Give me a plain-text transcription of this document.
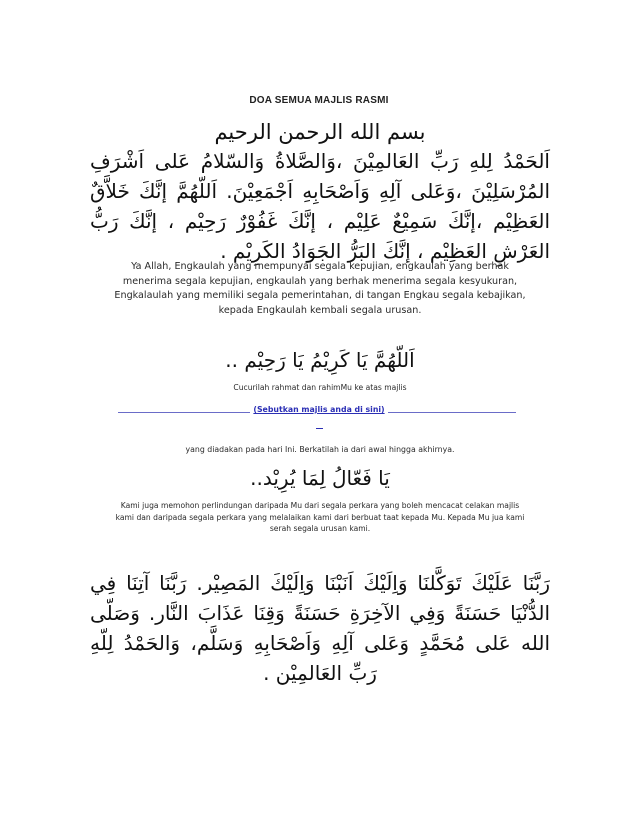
DOA SEMUA MAJLIS RASMI
بسم الله الرحمن الرحيم
اَلحَمْدُ لِلهِ رَبِّ العَالمِيْنَ ،وَالصَّلاةُ وَالسّلامُ عَلى اَشْرَفِ المُرْسَلِيْنَ ،وَعَلى آلِهِ وَاَصْحَابِهِ اَجْمَعِيْنَ. اَللّهُمَّ إنَّكَ خَلاَّقٌ العَظِيْم ،إنَّكَ سَمِيْعٌ عَلِيْم ، إنَّكَ غَفُوْرٌ رَحِيْم ، إنَّكَ رَبُّ العَرْشِ العَظِيْم ، إنَّكَ البَرُّ الجَوَادُ الكَرِيْم .
Ya Allah, Engkaulah yang mempunyai segala kepujian, engkaulah yang berhak menerima segala kepujian, engkaulah yang berhak menerima segala kesyukuran, Engkalaulah yang memiliki segala pemerintahan, di tangan Engkau segala kebajikan, kepada Engkaulah kembali segala urusan.
اَللّهُمَّ يَا كَرِيْمُ يَا رَحِيْم ..
Cucurilah rahmat dan rahimMu ke atas majlis
(Sebutkan majlis anda di sini)
yang diadakan pada hari Ini. Berkatilah ia dari awal hingga akhirnya.
يَا فَعّالُ لِمَا يُرِيْد..
Kami juga memohon perlindungan daripada Mu dari segala perkara yang boleh mencacat celakan majlis kami dan daripada segala perkara yang melalaikan kami dari berbuat taat kepada Mu. Kepada Mu jua kami serah segala urusan kami.
رَبَّنَا عَلَيْكَ تَوَكَّلنَا وَاِلَيْكَ اَنَبْنَا وَاِلَيْكَ المَصِيْر. رَبَّنَا آتِنَا فِي الدُّنْيَا حَسَنَةً وَفِي الآخِرَةِ حَسَنَةً وَقِنَا عَذَابَ النَّار. وَصَلّى الله عَلى مُحَمَّدٍ وَعَلى آلِهِ وَاَصْحَابِهِ وَسَلَّم، وَالحَمْدُ لِلّهِ رَبِّ العَالمِيْن .
